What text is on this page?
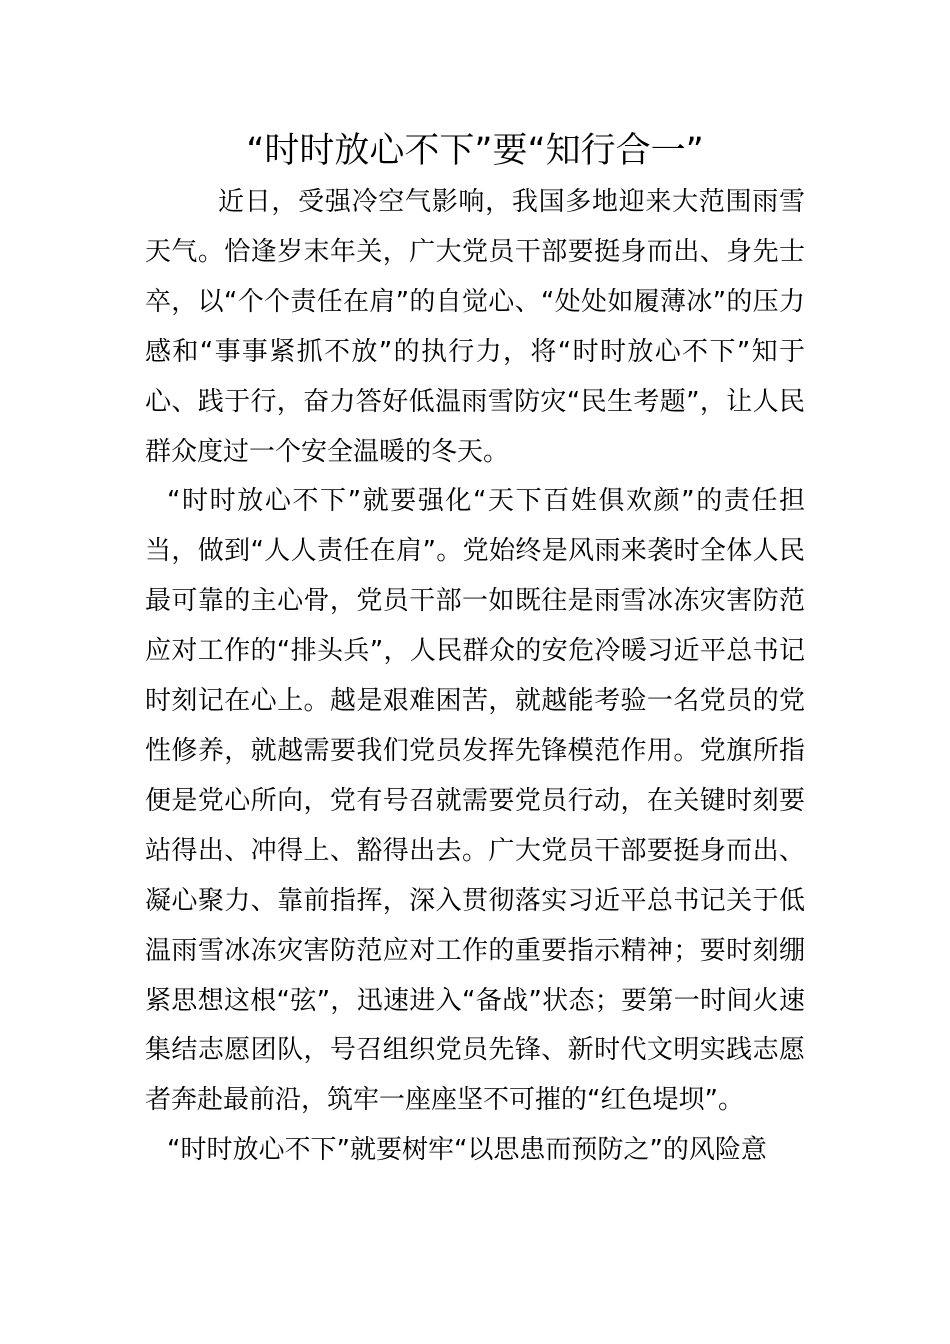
“时时放心不下”要“知行合一”

近日，受强冷空气影响，我国多地迎来大范围雨雪天气。恰逢岁末年关，广大党员干部要挺身而出、身先士卒，以“个个责任在肩”的自觉心、“处处如履薄冰”的压力感和“事事紧抓不放”的执行力，将“时时放心不下”知于心、践于行，奋力答好低温雨雪防灾“民生考题”，让人民群众度过一个安全温暖的冬天。

“时时放心不下”就要强化“天下百姓俱欢颜”的责任担当，做到“人人责任在肩”。党始终是风雨来袭时全体人民最可靠的主心骨，党员干部一如既往是雨雪冰冻灾害防范应对工作的“排头兵”，人民群众的安危冷暖习近平总书记时刻记在心上。越是艰难困苦，就越能考验一名党员的党性修养，就越需要我们党员发挥先锋模范作用。党旗所指便是党心所向，党有号召就需要党员行动，在关键时刻要站得出、冲得上、豁得出去。广大党员干部要挺身而出、凝心聚力、靠前指挥，深入贯彻落实习近平总书记关于低温雨雪冰冻灾害防范应对工作的重要指示精神；要时刻绷紧思想这根“弦”，迅速进入“备战”状态；要第一时间火速集结志愿团队，号召组织党员先锋、新时代文明实践志愿者奔赴最前沿，筑牢一座座坚不可摧的“红色堤坝”。

“时时放心不下”就要树牢“以思患而预防之”的风险意
